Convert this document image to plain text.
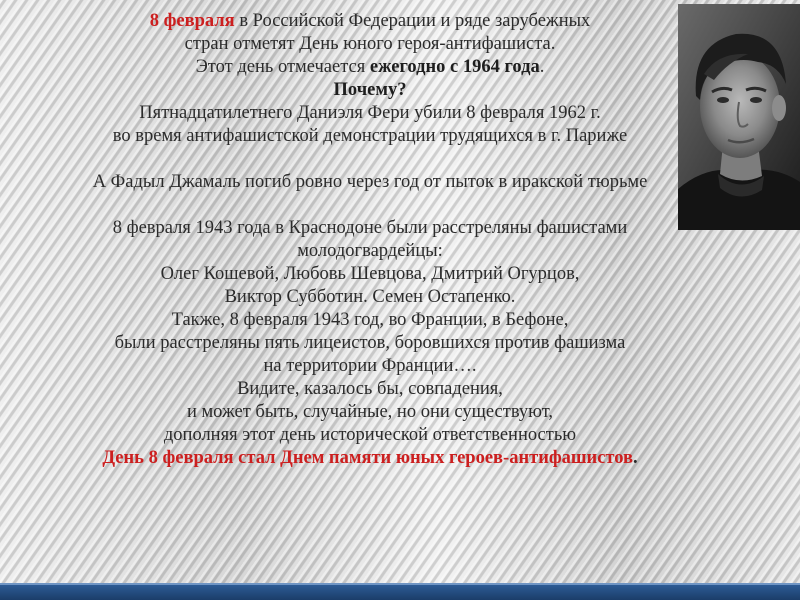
8 февраля в Российской Федерации и ряде зарубежных
стран отметят День юного героя-антифашиста.
Этот день отмечается ежегодно с 1964 года.
Почему?
Пятнадцатилетнего Даниэля Фери убили 8 февраля 1962 г.
во время антифашистской демонстрации трудящихся в г. Париже
А Фадыл Джамаль погиб ровно через год от пыток в иракской тюрьме
8 февраля 1943 года в Краснодоне были расстреляны фашистами
молодогвардейцы:
Олег Кошевой, Любовь Шевцова, Дмитрий Огурцов,
Виктор Субботин. Семен Остапенко.
Также, 8 февраля 1943 год, во Франции, в Бефоне,
были расстреляны пять лицеистов, боровшихся против фашизма
на территории Франции….
Видите, казалось бы, совпадения,
и может быть, случайные, но они существуют,
дополняя этот день исторической ответственностью
День 8 февраля стал Днем памяти юных героев-антифашистов.
